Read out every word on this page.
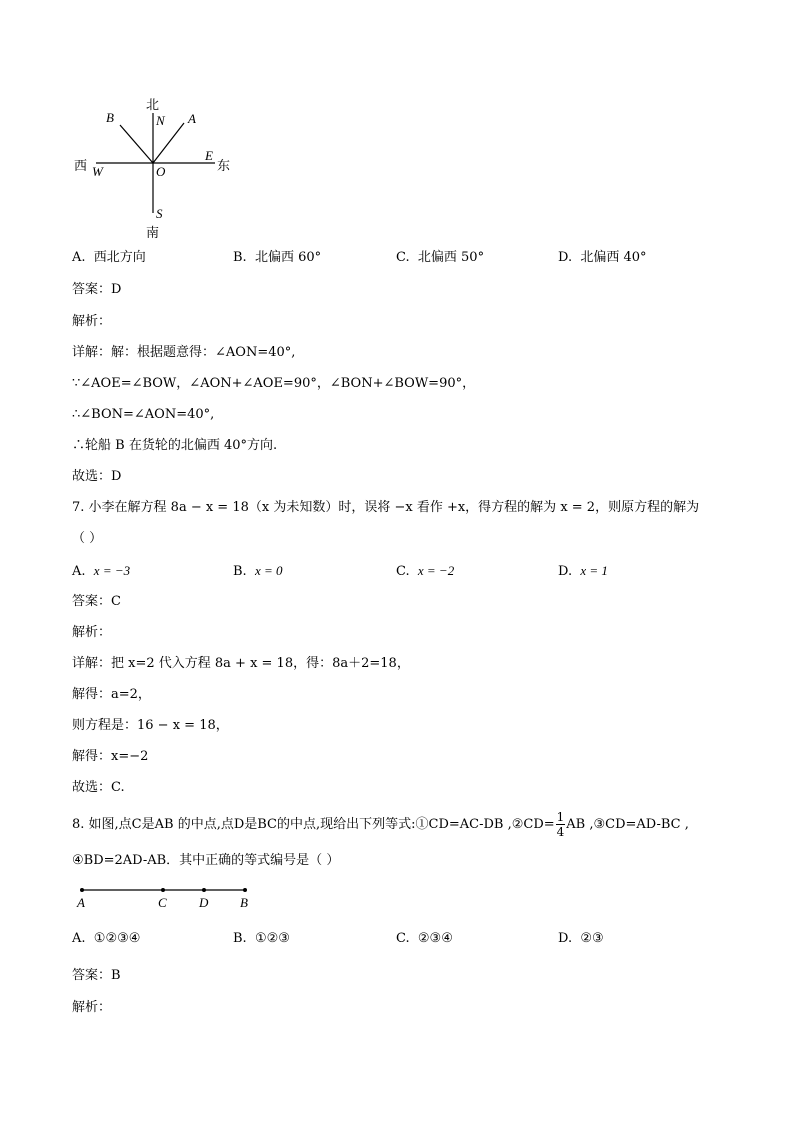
北
N A
B
西 W	O
E
东
S
南
A. 西北方向	B. 北偏西 60°	C. 北偏西 50°	D. 北偏西 40°
答案：D
解析：
详解：解：根据题意得：∠AON=40°,
∵∠AOE=∠BOW，∠AON+∠AOE=90°，∠BON+∠BOW=90°，
∴∠BON=∠AON=40°,
∴轮船 B 在货轮的北偏西 40°方向.
故选：D
7. 小李在解方程 8a − x = 18（x 为未知数）时，误将 −x 看作 +x，得方程的解为 x = 2，则原方程的解为
（ ）
A. x = −3	B. x = 0	C. x = −2	D. x = 1
答案：C
解析：
详解：把 x=2 代入方程 8a + x = 18，得：8a＋2=18，
解得：a=2，
则方程是：16 − x = 18，
解得：x=−2
故选：C.
8. 如图,点C是AB 的中点,点D是BC的中点,现给出下列等式:①CD=AC-DB ,②CD= $\frac{1}{4}$ AB ,③CD=AD-BC ,
④BD=2AD-AB．其中正确的等式编号是（ ）
A	C D B
A. ①②③④	B. ①②③	C. ②③④	D. ②③
答案：B
解析：
